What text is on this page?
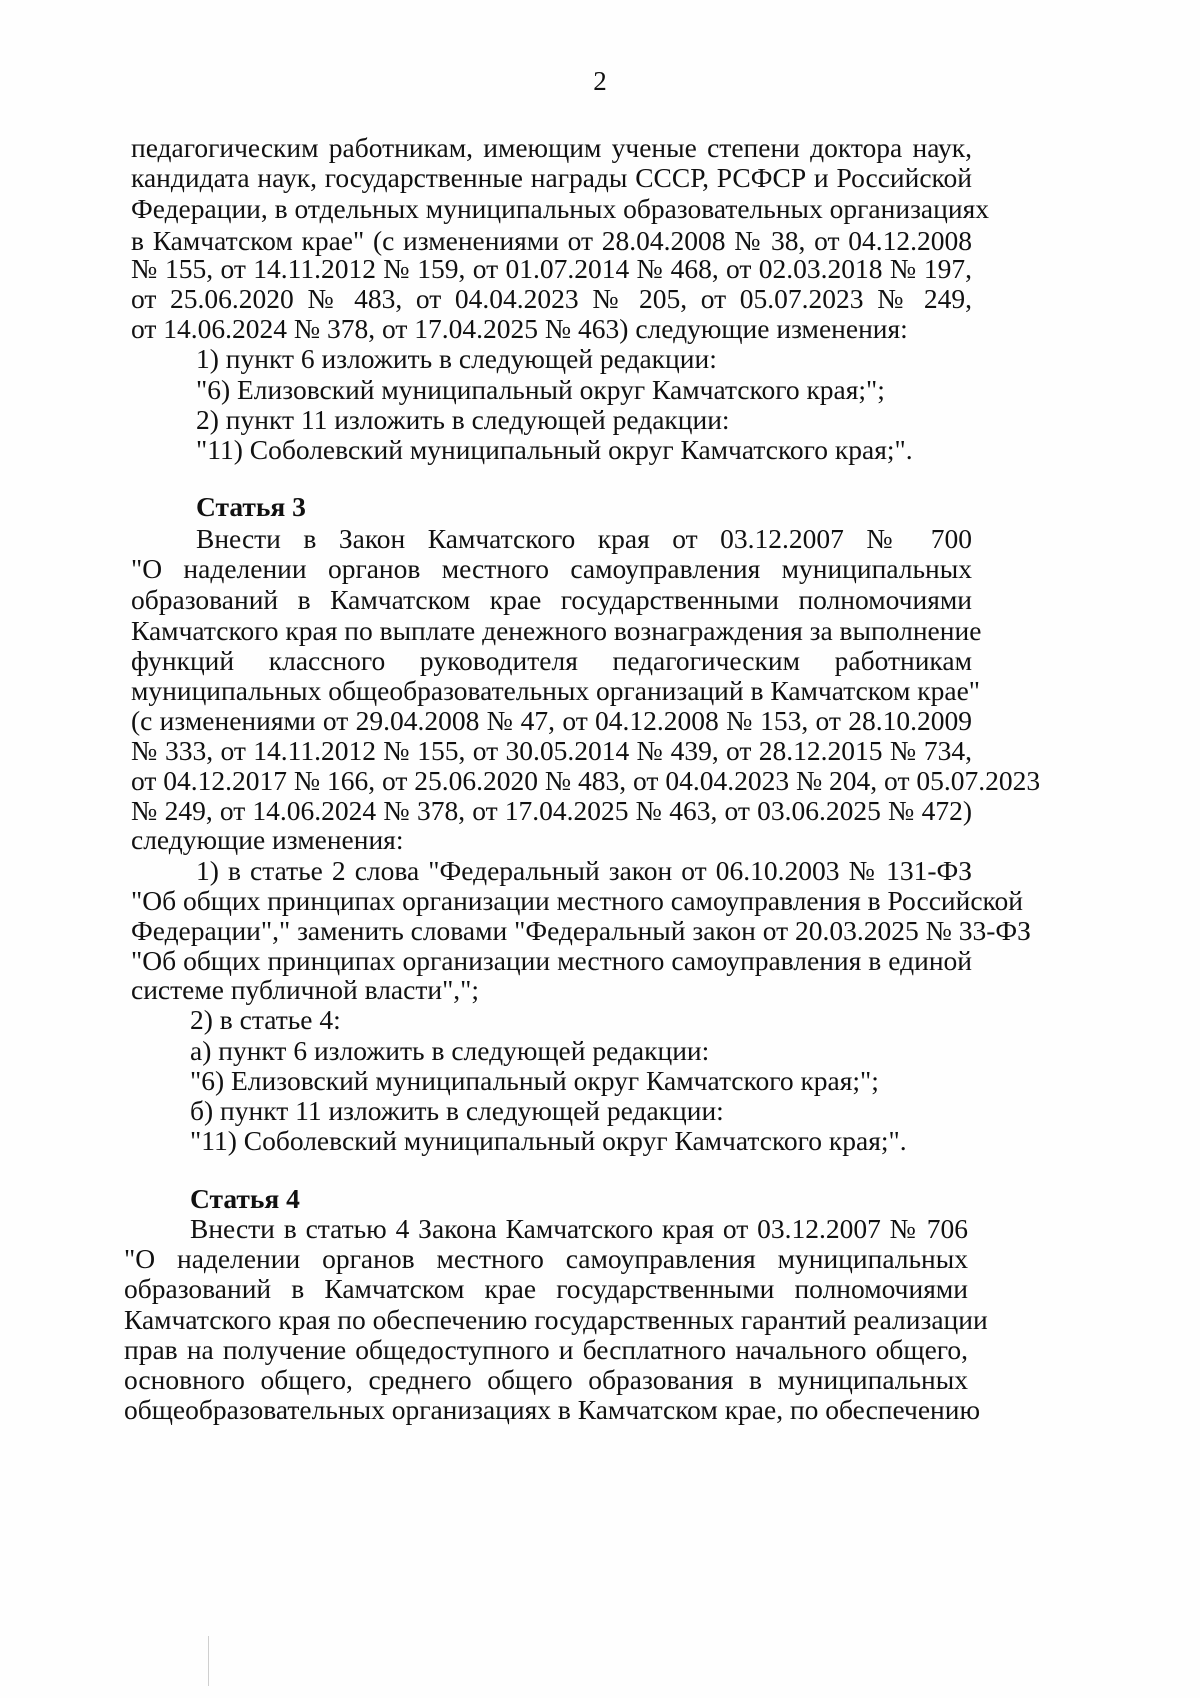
2
педагогическим работникам, имеющим ученые степени доктора наук,
кандидата наук, государственные награды СССР, РСФСР и Российской
Федерации, в отдельных муниципальных образовательных организациях
в Камчатском крае" (с изменениями от 28.04.2008 № 38, от 04.12.2008
№ 155, от 14.11.2012 № 159, от 01.07.2014 № 468, от 02.03.2018 № 197,
от 25.06.2020 № 483, от 04.04.2023 № 205, от 05.07.2023 № 249,
от 14.06.2024 № 378, от 17.04.2025 № 463) следующие изменения:
1) пункт 6 изложить в следующей редакции:
"6) Елизовский муниципальный округ Камчатского края;";
2) пункт 11 изложить в следующей редакции:
"11) Соболевский муниципальный округ Камчатского края;".
Статья 3
Внести в Закон Камчатского края от 03.12.2007 № 700
"О наделении органов местного самоуправления муниципальных
образований в Камчатском крае государственными полномочиями
Камчатского края по выплате денежного вознаграждения за выполнение
функций классного руководителя педагогическим работникам
муниципальных общеобразовательных организаций в Камчатском крае"
(с изменениями от 29.04.2008 № 47, от 04.12.2008 № 153, от 28.10.2009
№ 333, от 14.11.2012 № 155, от 30.05.2014 № 439, от 28.12.2015 № 734,
от 04.12.2017 № 166, от 25.06.2020 № 483, от 04.04.2023 № 204, от 05.07.2023
№ 249, от 14.06.2024 № 378, от 17.04.2025 № 463, от 03.06.2025 № 472)
следующие изменения:
1) в статье 2 слова "Федеральный закон от 06.10.2003 № 131-ФЗ
"Об общих принципах организации местного самоуправления в Российской
Федерации"," заменить словами "Федеральный закон от 20.03.2025 № 33-ФЗ
"Об общих принципах организации местного самоуправления в единой
системе публичной власти",";
2) в статье 4:
а) пункт 6 изложить в следующей редакции:
"6) Елизовский муниципальный округ Камчатского края;";
б) пункт 11 изложить в следующей редакции:
"11) Соболевский муниципальный округ Камчатского края;".
Статья 4
Внести в статью 4 Закона Камчатского края от 03.12.2007 № 706
"О наделении органов местного самоуправления муниципальных
образований в Камчатском крае государственными полномочиями
Камчатского края по обеспечению государственных гарантий реализации
прав на получение общедоступного и бесплатного начального общего,
основного общего, среднего общего образования в муниципальных
общеобразовательных организациях в Камчатском крае, по обеспечению
